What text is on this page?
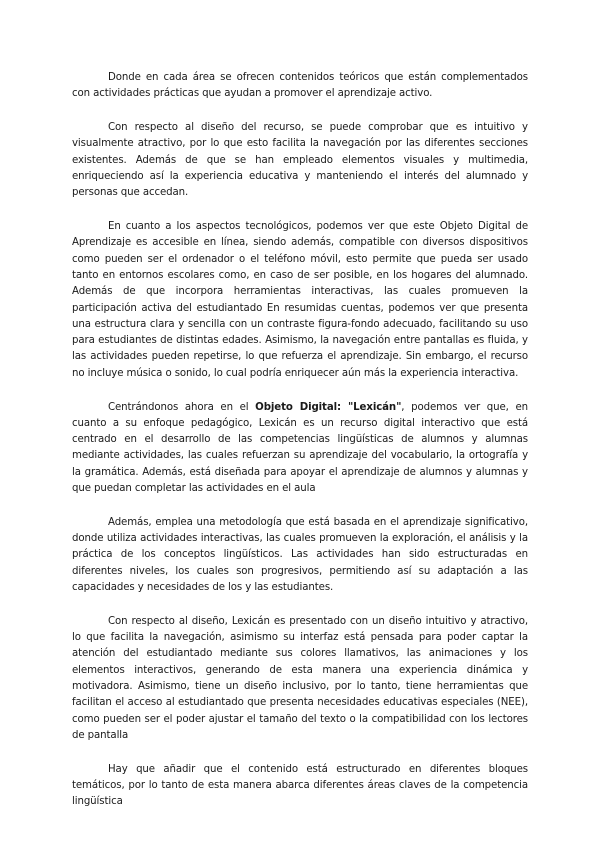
Donde en cada área se ofrecen contenidos teóricos que están complementados con actividades prácticas que ayudan a promover el aprendizaje activo.

Con respecto al diseño del recurso, se puede comprobar que es intuitivo y visualmente atractivo, por lo que esto facilita la navegación por las diferentes secciones existentes. Además de que se han empleado elementos visuales y multimedia, enriqueciendo así la experiencia educativa y manteniendo el interés del alumnado y personas que accedan.

En cuanto a los aspectos tecnológicos, podemos ver que este Objeto Digital de Aprendizaje es accesible en línea, siendo además, compatible con diversos dispositivos como pueden ser el ordenador o el teléfono móvil, esto permite que pueda ser usado tanto en entornos escolares como, en caso de ser posible, en los hogares del alumnado. Además de que incorpora herramientas interactivas, las cuales promueven la participación activa del estudiantado En resumidas cuentas, podemos ver que presenta una estructura clara y sencilla con un contraste figura-fondo adecuado, facilitando su uso para estudiantes de distintas edades. Asimismo, la navegación entre pantallas es fluida, y las actividades pueden repetirse, lo que refuerza el aprendizaje. Sin embargo, el recurso no incluye música o sonido, lo cual podría enriquecer aún más la experiencia interactiva.

Centrándonos ahora en el Objeto Digital: "Lexicán", podemos ver que, en cuanto a su enfoque pedagógico, Lexicán es un recurso digital interactivo que está centrado en el desarrollo de las competencias lingüísticas de alumnos y alumnas mediante actividades, las cuales refuerzan su aprendizaje del vocabulario, la ortografía y la gramática. Además, está diseñada para apoyar el aprendizaje de alumnos y alumnas y que puedan completar las actividades en el aula

Además, emplea una metodología que está basada en el aprendizaje significativo, donde utiliza actividades interactivas, las cuales promueven la exploración, el análisis y la práctica de los conceptos lingüísticos. Las actividades han sido estructuradas en diferentes niveles, los cuales son progresivos, permitiendo así su adaptación a las capacidades y necesidades de los y las estudiantes.

Con respecto al diseño, Lexicán es presentado con un diseño intuitivo y atractivo, lo que facilita la navegación, asimismo su interfaz está pensada para poder captar la atención del estudiantado mediante sus colores llamativos, las animaciones y los elementos interactivos, generando de esta manera una experiencia dinámica y motivadora. Asimismo, tiene un diseño inclusivo, por lo tanto, tiene herramientas que facilitan el acceso al estudiantado que presenta necesidades educativas especiales (NEE), como pueden ser el poder ajustar el tamaño del texto o la compatibilidad con los lectores de pantalla

Hay que añadir que el contenido está estructurado en diferentes bloques temáticos, por lo tanto de esta manera abarca diferentes áreas claves de la competencia lingüística
